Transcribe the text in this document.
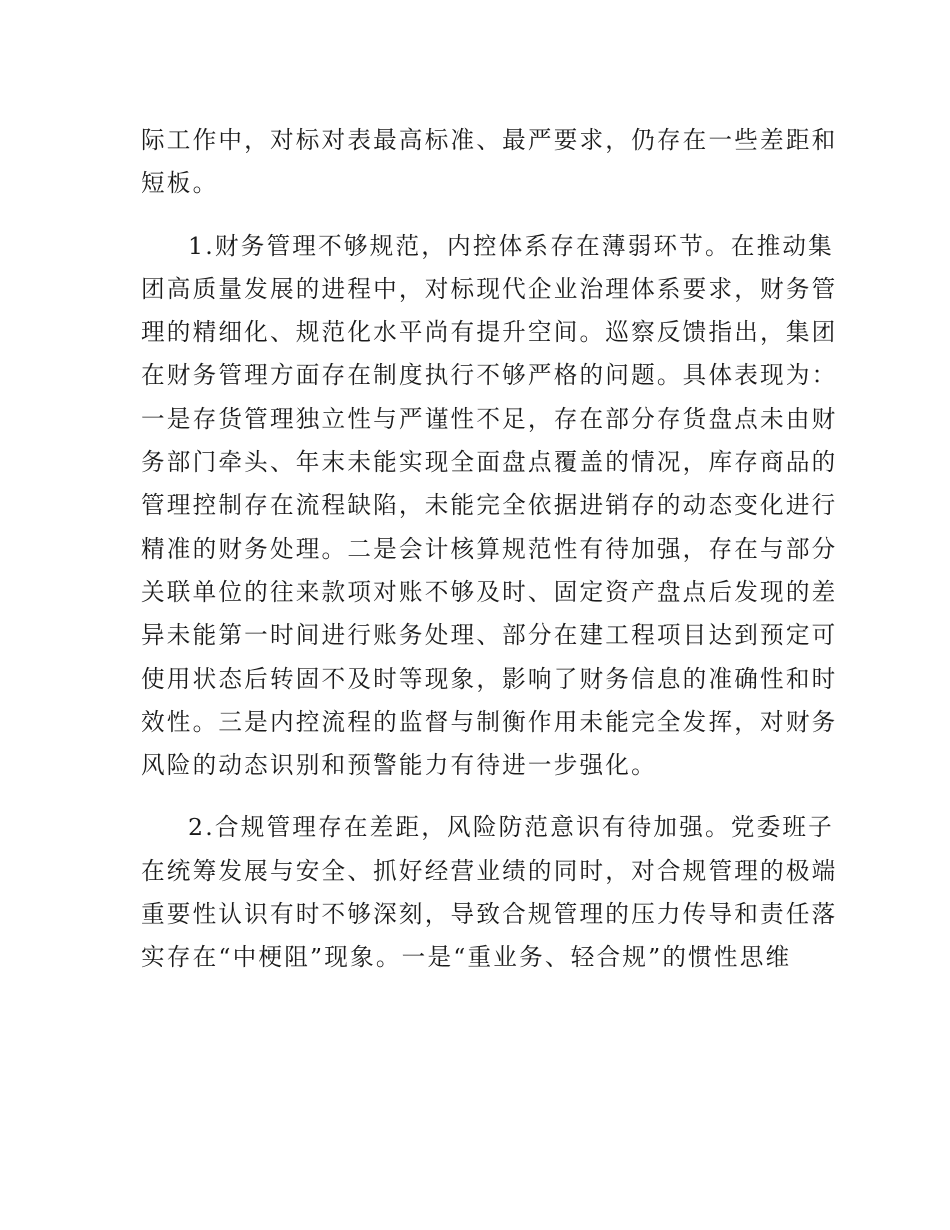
际工作中，对标对表最高标准、最严要求，仍存在一些差距和
短板。
1.财务管理不够规范，内控体系存在薄弱环节。在推动集
团高质量发展的进程中，对标现代企业治理体系要求，财务管
理的精细化、规范化水平尚有提升空间。巡察反馈指出，集团
在财务管理方面存在制度执行不够严格的问题。具体表现为：
一是存货管理独立性与严谨性不足，存在部分存货盘点未由财
务部门牵头、年末未能实现全面盘点覆盖的情况，库存商品的
管理控制存在流程缺陷，未能完全依据进销存的动态变化进行
精准的财务处理。二是会计核算规范性有待加强，存在与部分
关联单位的往来款项对账不够及时、固定资产盘点后发现的差
异未能第一时间进行账务处理、部分在建工程项目达到预定可
使用状态后转固不及时等现象，影响了财务信息的准确性和时
效性。三是内控流程的监督与制衡作用未能完全发挥，对财务
风险的动态识别和预警能力有待进一步强化。
2.合规管理存在差距，风险防范意识有待加强。党委班子
在统筹发展与安全、抓好经营业绩的同时，对合规管理的极端
重要性认识有时不够深刻，导致合规管理的压力传导和责任落
实存在“中梗阻”现象。一是“重业务、轻合规”的惯性思维
